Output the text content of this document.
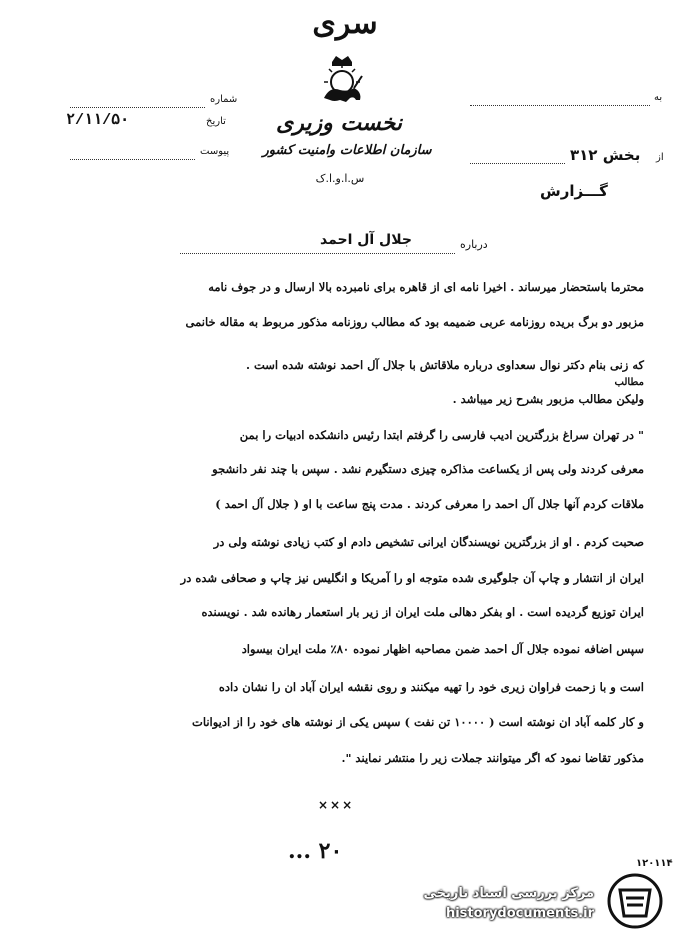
سری
نخست وزیری
سازمان اطلاعات وامنیت کشور
س.ا.و.ا.ک
شماره
تاریخ
۲/۱۱/۵۰
پیوست
به
از
بخش ۳۱۲
گـــزارش
درباره
جلال آل احمد
محترما باستحضار میرساند . اخیرا نامه ای از قاهره برای نامبرده بالا ارسال و در جوف نامه
مزبور دو برگ بریده روزنامه عربی ضمیمه بود که مطالب روزنامه مذکور مربوط به مقاله خانمی
که زنی بنام دکتر نوال سعداوی درباره ملاقاتش با جلال آل احمد نوشته شده است .
مطالب
ولیکن مطالب مزبور بشرح زیر میباشد .
" در تهران سراغ بزرگترین ادیب فارسی را گرفتم ابتدا رئیس دانشکده ادبیات را بمن
معرفی کردند ولی پس از یکساعت مذاکره چیزی دستگیرم نشد . سپس با چند نفر دانشجو
ملاقات کردم آنها جلال آل احمد را معرفی کردند . مدت پنج ساعت با او ( جلال آل احمد )
صحبت کردم . او از بزرگترین نویسندگان ایرانی تشخیص دادم او کتب زیادی نوشته ولی در
ایران از انتشار و چاپ آن جلوگیری شده متوجه او را آمریکا و انگلیس نیز چاپ و صحافی شده در
ایران توزیع گردیده است . او بفکر دهالی ملت ایران از زیر بار استعمار رهانده شد . نویسنده
سپس اضافه نموده جلال آل احمد ضمن مصاحبه اظهار نموده ۸۰٪ ملت ایران بیسواد
است و با زحمت فراوان زیری خود را تهیه میکنند و روی نقشه ایران آباد ان را نشان داده
و کار کلمه آباد ان نوشته است ( ۱۰۰۰۰ تن نفت ) سپس یکی از نوشته های خود را از ادیوانات
مذکور تقاضا نمود که اگر میتوانند جملات زیر را منتشر نمایند ".
×××
۲۰ ...	۱۲۰۱۱۴
مرکز بررسی اسناد تاریخی
historydocuments.ir
